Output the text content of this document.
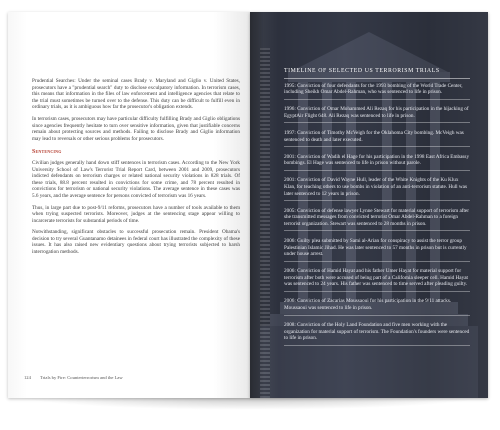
Prudential Searches: Under the seminal cases Brady v. Maryland and Giglio v. United States, prosecutors have a "prudential search" duty to disclose exculpatory information. In terrorism cases, this means that information in the files of law enforcement and intelligence agencies that relate to the trial must sometimes be turned over to the defense. This duty can be difficult to fulfill even in ordinary trials, as it is ambiguous how far the prosecutor's obligation extends.

In terrorism cases, prosecutors may have particular difficulty fulfilling Brady and Giglio obligations since agencies frequently hesitate to turn over sensitive information, given that justifiable concerns remain about protecting sources and methods. Failing to disclose Brady and Giglio information may lead to reversals or other serious problems for prosecutors.

Sentencing

Civilian judges generally hand down stiff sentences in terrorism cases. According to the New York University School of Law's Terrorist Trial Report Card, between 2001 and 2009, prosecutors indicted defendants on terrorism charges or related national security violations in 828 trials. Of these trials, 88.8 percent resulted in convictions for some crime, and 78 percent resulted in convictions for terrorism or national security violations. The average sentence in these cases was 5.6 years, and the average sentence for persons convicted of terrorism was 16 years.

Thus, in large part due to post-9/11 reforms, prosecutors have a number of tools available to them when trying suspected terrorists. Moreover, judges at the sentencing stage appear willing to incarcerate terrorists for substantial periods of time.

Notwithstanding, significant obstacles to successful prosecution remain. President Obama's decision to try several Guantanamo detainees in federal court has illustrated the complexity of these issues. It has also raised new evidentiary questions about trying terrorists subjected to harsh interrogation methods.

124 Trials by Fire: Counterterrorism and the Law
TIMELINE OF SELECTED US TERRORISM TRIALS
1995: Conviction of four defendants for the 1993 bombing of the World Trade Center, including Sheikh Omar Abdel-Rahman, who was sentenced to life in prison.
1996: Conviction of Omar Mohammed Ali Rezaq for his participation in the hijacking of EgyptAir Flight 648. Ali Rezaq was sentenced to life in prison.
1997: Conviction of Timothy McVeigh for the Oklahoma City bombing. McVeigh was sentenced to death and later executed.
2001: Conviction of Wadih el Hage for his participation in the 1998 East Africa Embassy bombings. El Hage was sentenced to life in prison without parole.
2001: Conviction of David Wayne Hull, leader of the White Knights of the Ku Klux Klan, for teaching others to use bombs in violation of an anti-terrorism statute. Hull was later sentenced to 12 years in prison.
2005: Conviction of defense lawyer Lynne Stewart for material support of terrorism after she transmitted messages from convicted terrorist Omar Abdel-Rahman to a foreign terrorist organization. Stewart was sentenced to 28 months in prison.
2006: Guilty plea submitted by Sami al-Arian for conspiracy to assist the terror group Palestinian Islamic Jihad. He was later sentenced to 57 months in prison but is currently under house arrest.
2006: Conviction of Hamid Hayat and his father Umer Hayat for material support for terrorism after both were accused of being part of a California sleeper cell. Hamid Hayat was sentenced to 24 years. His father was sentenced to time served after pleading guilty.
2006: Conviction of Zacarias Moussaoui for his participation in the 9/11 attacks. Moussaoui was sentenced to life in prison.
2008: Conviction of the Holy Land Foundation and five men working with the organization for material support of terrorism. The Foundation's founders were sentenced to life in prison.
